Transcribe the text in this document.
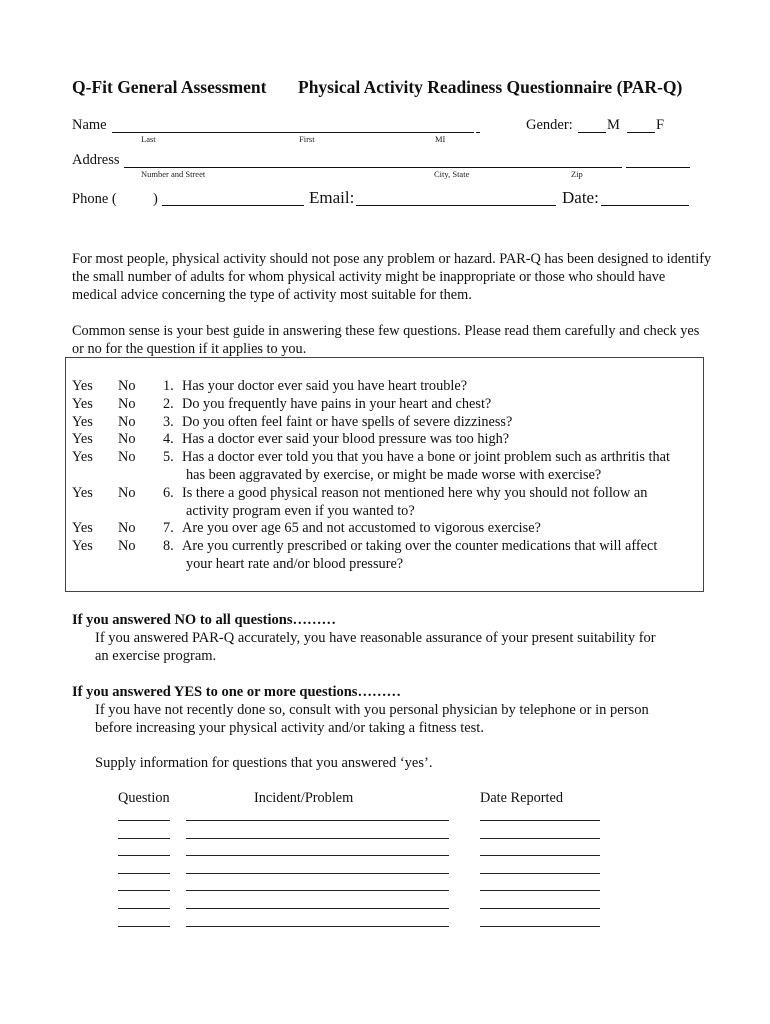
Q-Fit General Assessment Physical Activity Readiness Questionnaire (PAR-Q)
Name
Last	First	MI
Gender: M F
Address
Number and Street	City, State	Zip
Phone (	)	Email:	Date:
For most people, physical activity should not pose any problem or hazard. PAR-Q has been designed to identify the small number of adults for whom physical activity might be inappropriate or those who should have medical advice concerning the type of activity most suitable for them.
Common sense is your best guide in answering these few questions. Please read them carefully and check yes or no for the question if it applies to you.
Yes No 1. Has your doctor ever said you have heart trouble?
Yes No 2. Do you frequently have pains in your heart and chest?
Yes No 3. Do you often feel faint or have spells of severe dizziness?
Yes No 4. Has a doctor ever said your blood pressure was too high?
Yes No 5. Has a doctor ever told you that you have a bone or joint problem such as arthritis that
has been aggravated by exercise, or might be made worse with exercise?
Yes No 6. Is there a good physical reason not mentioned here why you should not follow an
activity program even if you wanted to?
Yes No 7. Are you over age 65 and not accustomed to vigorous exercise?
Yes No 8. Are you currently prescribed or taking over the counter medications that will affect
your heart rate and/or blood pressure?
If you answered NO to all questions………
If you answered PAR-Q accurately, you have reasonable assurance of your present suitability for
an exercise program.
If you answered YES to one or more questions………
If you have not recently done so, consult with you personal physician by telephone or in person
before increasing your physical activity and/or taking a fitness test.
Supply information for questions that you answered ‘yes’.
Question	Incident/Problem	Date Reported
